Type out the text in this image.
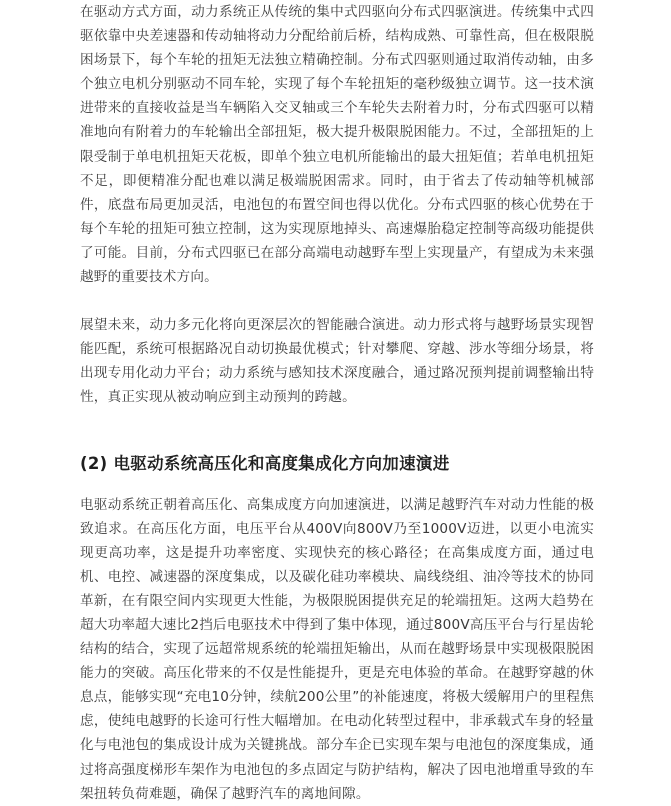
在驱动方式方面，动力系统正从传统的集中式四驱向分布式四驱演进。传统集中式四驱依靠中央差速器和传动轴将动力分配给前后桥，结构成熟、可靠性高，但在极限脱困场景下，每个车轮的扭矩无法独立精确控制。分布式四驱则通过取消传动轴，由多个独立电机分别驱动不同车轮，实现了每个车轮扭矩的毫秒级独立调节。这一技术演进带来的直接收益是当车辆陷入交叉轴或三个车轮失去附着力时，分布式四驱可以精准地向有附着力的车轮输出全部扭矩，极大提升极限脱困能力。不过，全部扭矩的上限受制于单电机扭矩天花板，即单个独立电机所能输出的最大扭矩值；若单电机扭矩不足，即便精准分配也难以满足极端脱困需求。同时，由于省去了传动轴等机械部件，底盘布局更加灵活，电池包的布置空间也得以优化。分布式四驱的核心优势在于每个车轮的扭矩可独立控制，这为实现原地掉头、高速爆胎稳定控制等高级功能提供了可能。目前，分布式四驱已在部分高端电动越野车型上实现量产，有望成为未来强越野的重要技术方向。

展望未来，动力多元化将向更深层次的智能融合演进。动力形式将与越野场景实现智能匹配，系统可根据路况自动切换最优模式；针对攀爬、穿越、涉水等细分场景，将出现专用化动力平台；动力系统与感知技术深度融合，通过路况预判提前调整输出特性，真正实现从被动响应到主动预判的跨越。

(2) 电驱动系统高压化和高度集成化方向加速演进

电驱动系统正朝着高压化、高集成度方向加速演进，以满足越野汽车对动力性能的极致追求。在高压化方面，电压平台从400V向800V乃至1000V迈进，以更小电流实现更高功率，这是提升功率密度、实现快充的核心路径；在高集成度方面，通过电机、电控、减速器的深度集成，以及碳化硅功率模块、扁线绕组、油冷等技术的协同革新，在有限空间内实现更大性能，为极限脱困提供充足的轮端扭矩。这两大趋势在超大功率超大速比2挡后电驱技术中得到了集中体现，通过800V高压平台与行星齿轮结构的结合，实现了远超常规系统的轮端扭矩输出，从而在越野场景中实现极限脱困能力的突破。高压化带来的不仅是性能提升，更是充电体验的革命。在越野穿越的休息点，能够实现“充电10分钟，续航200公里”的补能速度，将极大缓解用户的里程焦虑，使纯电越野的长途可行性大幅增加。在电动化转型过程中，非承载式车身的轻量化与电池包的集成设计成为关键挑战。部分车企已实现车架与电池包的深度集成，通过将高强度梯形车架作为电池包的多点固定与防护结构，解决了因电池增重导致的车架扭转负荷难题，确保了越野汽车的离地间隙。
